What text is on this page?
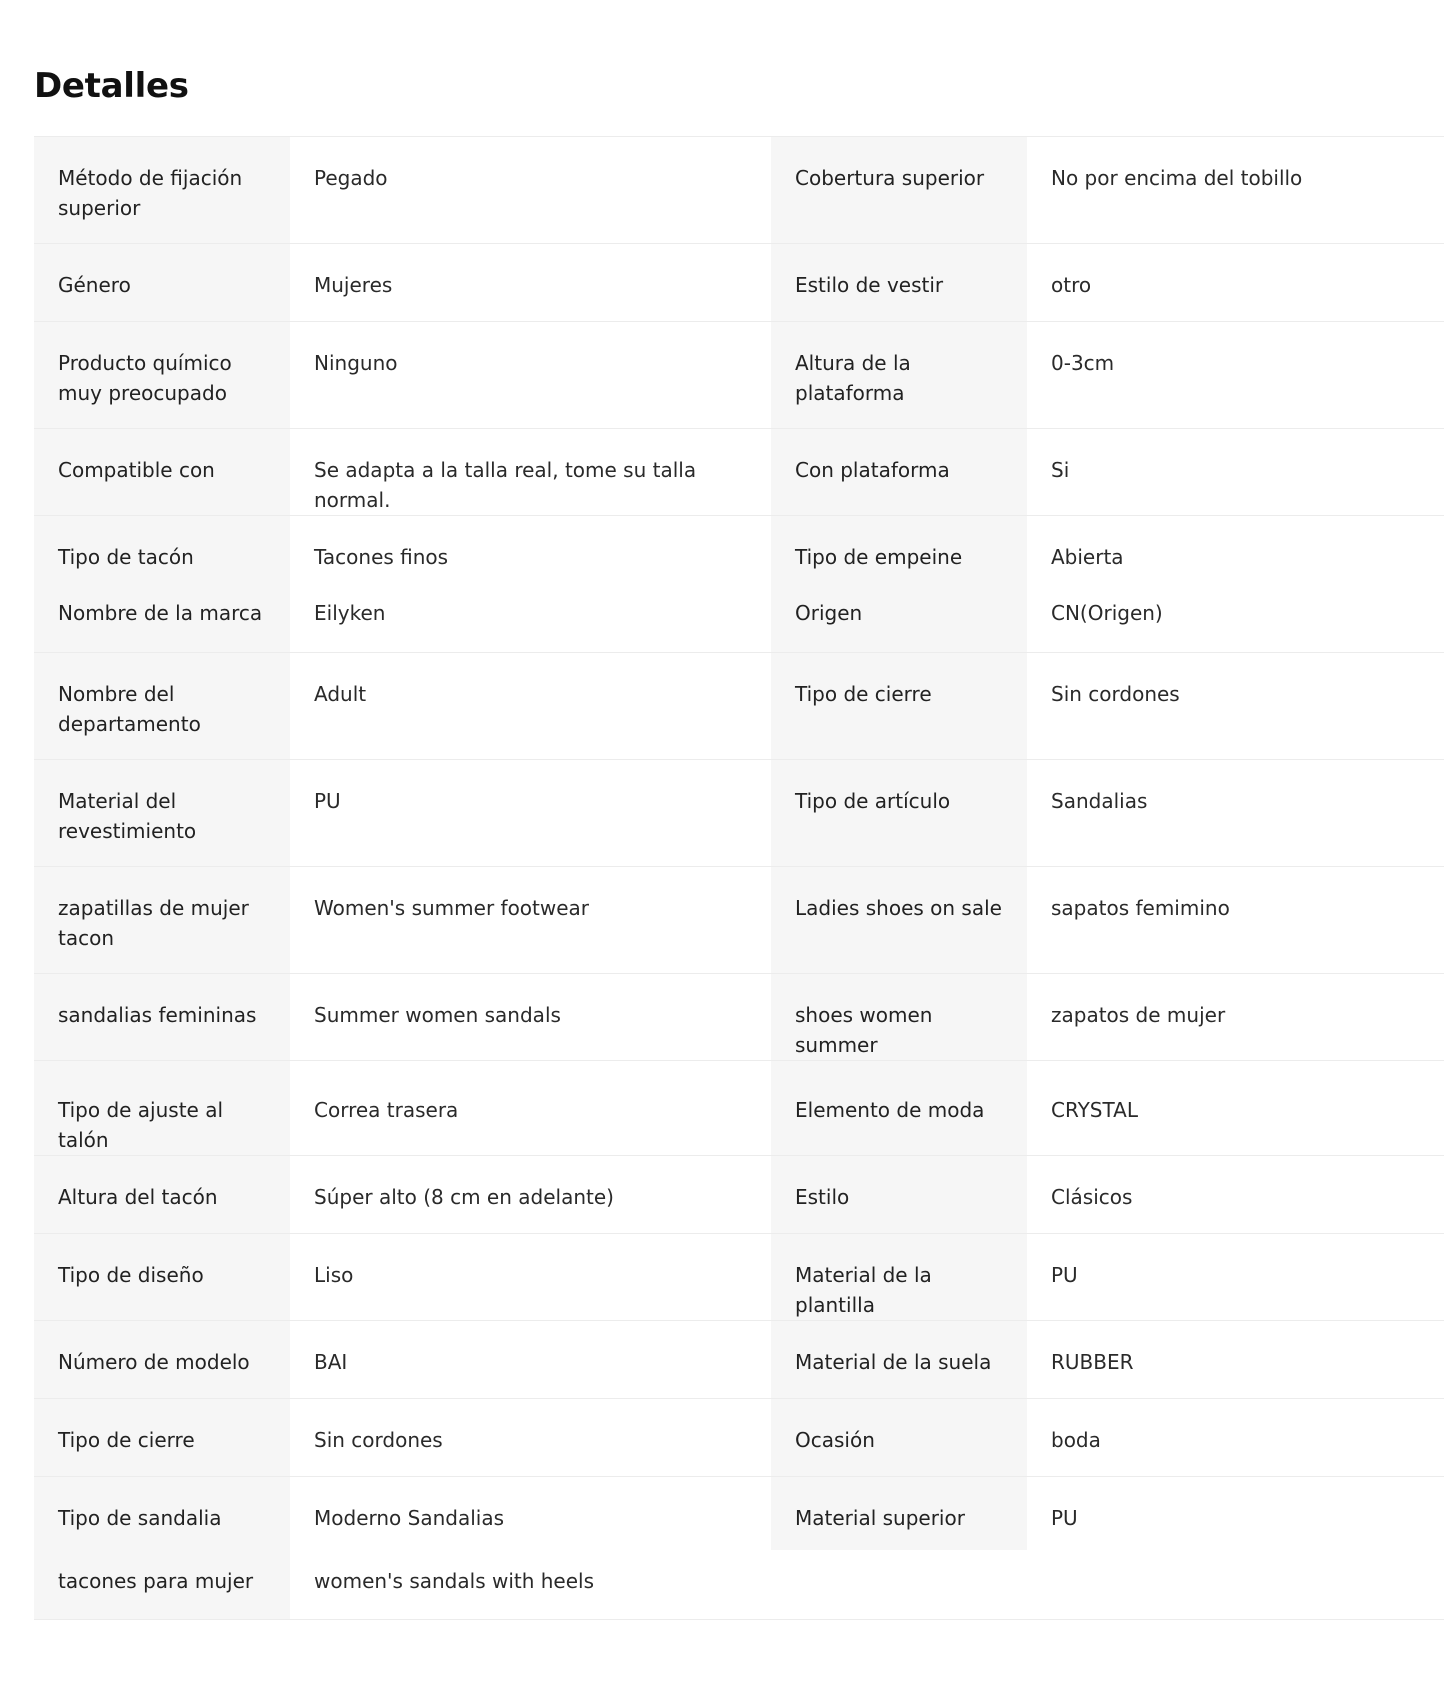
Detalles
Método de fijación superior	Pegado	Cobertura superior	No por encima del tobillo
Género	Mujeres	Estilo de vestir	otro
Producto químico muy preocupado	Ninguno	Altura de la plataforma	0-3cm
Compatible con	Se adapta a la talla real, tome su talla normal.	Con plataforma	Si
Tipo de tacón	Tacones finos	Tipo de empeine	Abierta
Nombre de la marca	Eilyken	Origen	CN(Origen)
Nombre del departamento	Adult	Tipo de cierre	Sin cordones
Material del revestimiento	PU	Tipo de artículo	Sandalias
zapatillas de mujer tacon	Women's summer footwear	Ladies shoes on sale	sapatos femimino
sandalias femininas	Summer women sandals	shoes women summer	zapatos de mujer
Tipo de ajuste al talón	Correa trasera	Elemento de moda	CRYSTAL
Altura del tacón	Súper alto (8 cm en adelante)	Estilo	Clásicos
Tipo de diseño	Liso	Material de la plantilla	PU
Número de modelo	BAI	Material de la suela	RUBBER
Tipo de cierre	Sin cordones	Ocasión	boda
Tipo de sandalia	Moderno Sandalias	Material superior	PU
tacones para mujer	women's sandals with heels		
